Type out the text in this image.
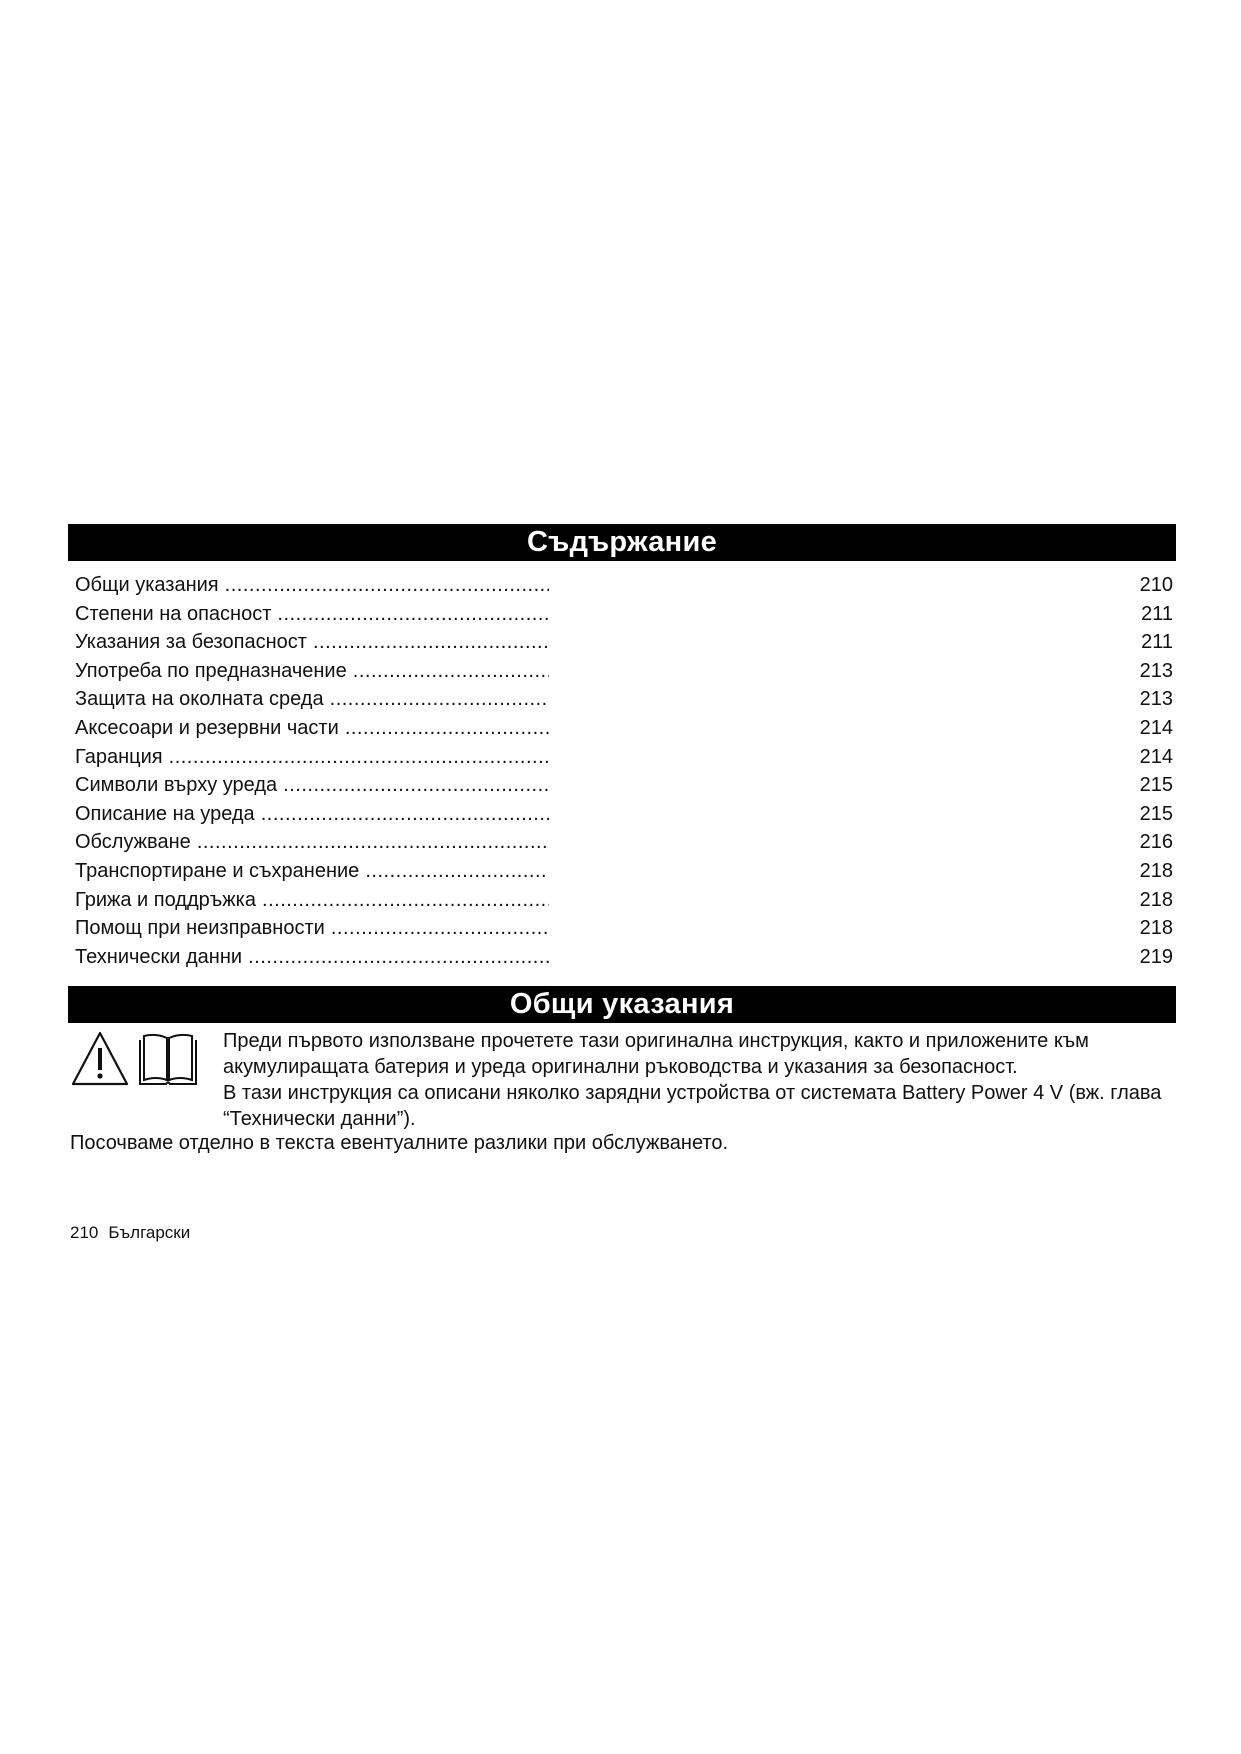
Съдържание
Общи указания .....	210
Степени на опасност .....	211
Указания за безопасност .....	211
Употреба по предназначение .....	213
Защита на околната среда .....	213
Аксесоари и резервни части .....	214
Гаранция .....	214
Символи върху уреда .....	215
Описание на уреда .....	215
Обслужване .....	216
Транспортиране и съхранение .....	218
Грижа и поддръжка .....	218
Помощ при неизправности .....	218
Технически данни .....	219
Общи указания

Преди първото използване прочетете тази оригинална инструкция, както и приложените към акумулиращата батерия и уреда оригинални ръководства и указания за безопасност.

В тази инструкция са описани няколко зарядни устройства от системата Battery Power 4 V (вж. глава “Технически данни”).

Посочваме отделно в текста евентуалните разлики при обслужването.

210 Български
